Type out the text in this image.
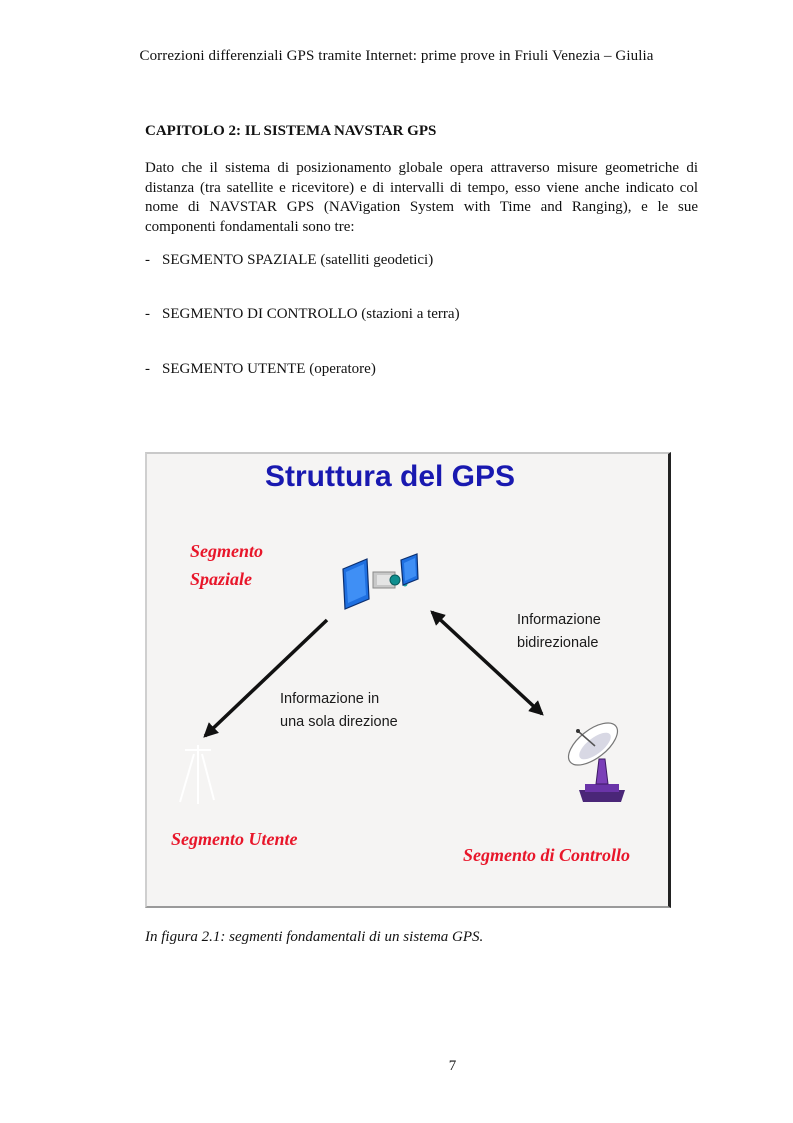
Correzioni differenziali GPS tramite Internet: prime prove in Friuli Venezia – Giulia
CAPITOLO 2: IL SISTEMA NAVSTAR GPS

Dato che il sistema di posizionamento globale opera attraverso misure geometriche di distanza (tra satellite e ricevitore) e di intervalli di tempo, esso viene anche indicato col nome di NAVSTAR GPS (NAVigation System with Time and Ranging), e le sue componenti fondamentali sono tre:

- SEGMENTO SPAZIALE (satelliti geodetici)
- SEGMENTO DI CONTROLLO (stazioni a terra)
- SEGMENTO UTENTE (operatore)
Struttura del GPS
Segmento
Spaziale
Informazione
bidirezionale
Informazione in
una sola direzione
Segmento Utente
Segmento di Controllo

In figura 2.1: segmenti fondamentali di un sistema GPS.

7
